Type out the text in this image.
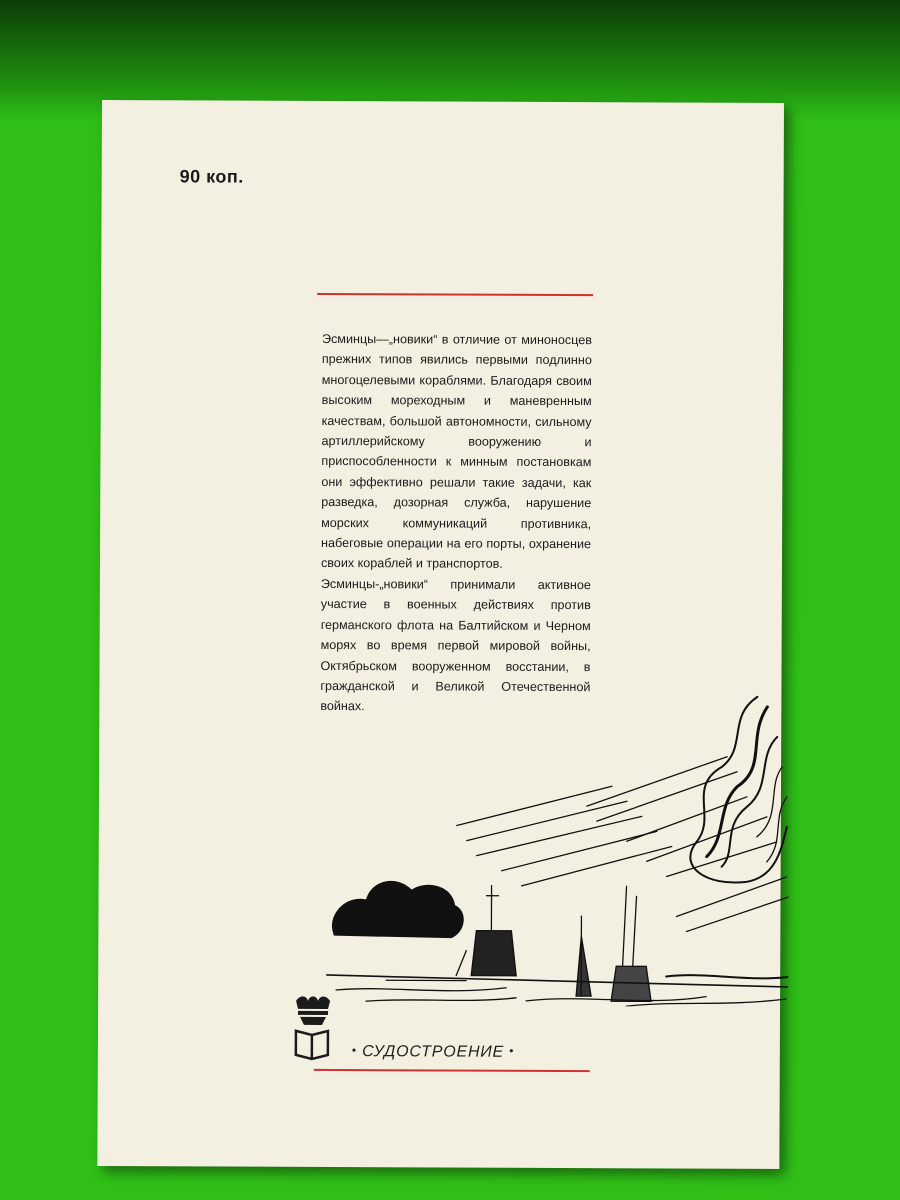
90 коп.

Эсминцы—„новики“ в отличие от миноносцев прежних типов явились первыми подлинно многоцелевыми кораблями. Благодаря своим высоким мореходным и маневренным качествам, большой автономности, сильному артиллерийскому вооружению и приспособленности к минным постановкам они эффективно решали такие задачи, как разведка, дозорная служба, нарушение морских коммуникаций противника, набеговые операции на его порты, охранение своих кораблей и транспортов.

Эсминцы-„новики“ принимали активное участие в военных действиях против германского флота на Балтийском и Черном морях во время первой мировой войны, Октябрьском вооруженном восстании, в гражданской и Великой Отечественной войнах.

• СУДОСТРОЕНИЕ •
